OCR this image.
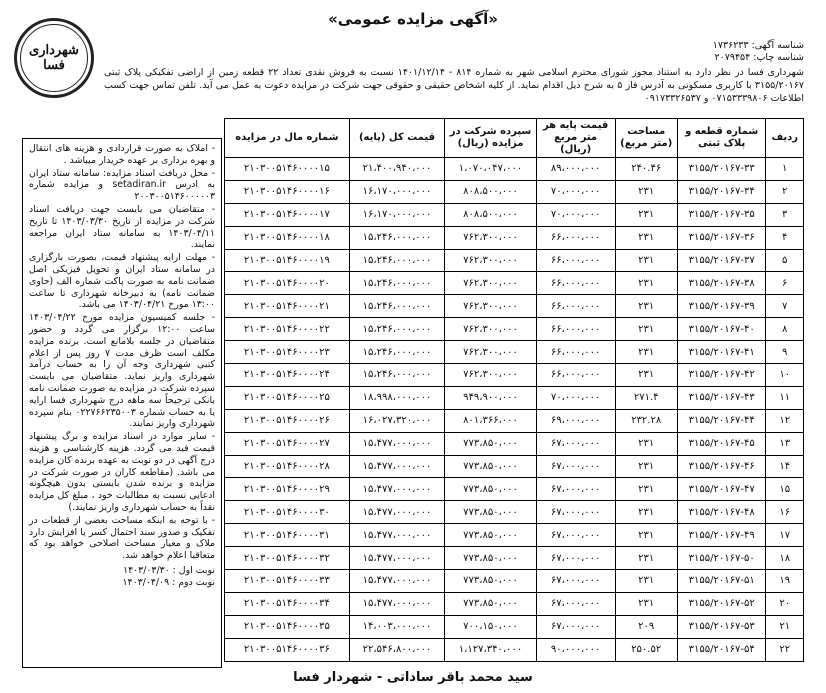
«آگهی مزایده عمومی»
شهرداری فسا
شناسه آگهی: ۱۷۳۶۲۳۳
شناسه چاپ: ۲۰۷۹۴۵۴
شهرداری فسا در نظر دارد به استناد مجوز شورای محترم اسلامی شهر به شماره ۸۱۴ - ۱۴۰۱/۱۲/۱۴ نسبت به فروش نقدی تعداد ۲۲ قطعه زمین از اراضی تفکیکی پلاک ثبتی ۳۱۵۵/۲۰۱۶۷ با کاربری مسکونی به آدرس فاز ۵ به شرح ذیل اقدام نماید. از کلیه اشخاص حقیقی و حقوقی جهت شرکت در مزایده دعوت به عمل می آید. تلفن تماس جهت کسب اطلاعات ۰۷۱۵۳۳۳۹۸۰۶ و ۰۹۱۷۳۳۲۶۵۳۷

- املاک به صورت قراردادی و هزینه های انتقال و بهره برداری بر عهده خریدار میباشد .

- محل دریافت اسناد مزایده: سامانه ستاد ایران به ادرس setadiran.ir و مزایده شماره ۲۰۰۳۰۰۵۱۴۶۰۰۰۰۰۳

- متقاضیان می بایست جهت دریافت اسناد شرکت در مزایده از تاریخ ۱۴۰۳/۰۳/۳۰ تا تاریخ ۱۴۰۳/۰۴/۱۱ به سامانه ستاد ایران مراجعه نمایند.

- مهلت ارایه پیشنهاد قیمت، بصورت بارگزاری در سامانه ستاد ایران و تحویل فیزیکی اصل ضمانت نامه به صورت پاکت شماره الف (حاوی ضمانت نامه) به دبیرخانه شهرداری تا ساعت ۱۳:۰۰ مورخ ۱۴۰۳/۰۴/۲۱ می باشد.

- جلسه کمیسیون مزایده مورخ ۱۴۰۳/۰۴/۲۲ ساعت ۱۲:۰۰ برگزار می گردد و حضور متقاضیان در جلسه بلامانع است. برنده مزایده مکلف است ظرف مدت ۷ روز پس از اعلام کتبی شهرداری وجه آن را به حساب درآمد شهرداری واریز نماید. متقاضیان می بایست سپرده شرکت در مزایده به صورت ضمانت نامه بانکی ترجیحاً سه ماهه درج شهرداری فسا ارایه یا به حساب شماره ۰۲۲۷۶۶۲۳۵۰۰۳ بنام سپرده شهرداری واریز نمایند.

- سایر موارد در اسناد مزایده و برگ پیشنهاد قیمت قید می گردد. هزینه کارشناسی و هزینه درج آگهی در دو نوبت به عهده برنده کان مزایده می باشد. (مقاطعه کاران در صورت شرکت در مزایده و برنده شدن بایستی بدون هیچگونه ادعایی نسبت به مطالبات خود ، مبلغ کل مزایده نقداً به حساب شهرداری واریز نمایند.)

- با توجه به اینکه مساحت بعضی از قطعات در تفکیک و صدور سند احتمال کسر یا افزایش دارد ملاک و معیار مساحت اصلاحی خواهد بود که متعاقبا اعلام خواهد شد.

نوبت اول : ۱۴۰۳/۰۳/۳۰
نوبت دوم : ۱۴۰۳/۰۴/۰۹
ردیف	شماره قطعه و پلاک ثبتی	مساحت (متر مربع)	قیمت پایه هر متر مربع (ریال)	سپرده شرکت در مزایده (ریال)	قیمت کل (پایه)	شماره مال در مزایده
۱	۳۱۵۵/۲۰۱۶۷-۳۳	۲۴۰.۴۶	۸۹،۰۰۰،۰۰۰	۱،۰۷۰،۰۴۷،۰۰۰	۲۱،۴۰۰،۹۴۰،۰۰۰	۲۱۰۳۰۰۵۱۴۶۰۰۰۰۱۵
۲	۳۱۵۵/۲۰۱۶۷-۳۴	۲۳۱	۷۰،۰۰۰،۰۰۰	۸۰۸،۵۰۰،۰۰۰	۱۶،۱۷۰،۰۰۰،۰۰۰	۲۱۰۳۰۰۵۱۴۶۰۰۰۰۱۶
۳	۳۱۵۵/۲۰۱۶۷-۳۵	۲۳۱	۷۰،۰۰۰،۰۰۰	۸۰۸،۵۰۰،۰۰۰	۱۶،۱۷۰،۰۰۰،۰۰۰	۲۱۰۳۰۰۵۱۴۶۰۰۰۰۱۷
۴	۳۱۵۵/۲۰۱۶۷-۳۶	۲۳۱	۶۶،۰۰۰،۰۰۰	۷۶۲،۳۰۰،۰۰۰	۱۵،۲۴۶،۰۰۰،۰۰۰	۲۱۰۳۰۰۵۱۴۶۰۰۰۰۱۸
۵	۳۱۵۵/۲۰۱۶۷-۳۷	۲۳۱	۶۶،۰۰۰،۰۰۰	۷۶۲،۳۰۰،۰۰۰	۱۵،۲۴۶،۰۰۰،۰۰۰	۲۱۰۳۰۰۵۱۴۶۰۰۰۰۱۹
۶	۳۱۵۵/۲۰۱۶۷-۳۸	۲۳۱	۶۶،۰۰۰،۰۰۰	۷۶۲،۳۰۰،۰۰۰	۱۵،۲۴۶،۰۰۰،۰۰۰	۲۱۰۳۰۰۵۱۴۶۰۰۰۰۲۰
۷	۳۱۵۵/۲۰۱۶۷-۳۹	۲۳۱	۶۶،۰۰۰،۰۰۰	۷۶۲،۳۰۰،۰۰۰	۱۵،۲۴۶،۰۰۰،۰۰۰	۲۱۰۳۰۰۵۱۴۶۰۰۰۰۲۱
۸	۳۱۵۵/۲۰۱۶۷-۴۰	۲۳۱	۶۶،۰۰۰،۰۰۰	۷۶۲،۳۰۰،۰۰۰	۱۵،۲۴۶،۰۰۰،۰۰۰	۲۱۰۳۰۰۵۱۴۶۰۰۰۰۲۲
۹	۳۱۵۵/۲۰۱۶۷-۴۱	۲۳۱	۶۶،۰۰۰،۰۰۰	۷۶۲،۳۰۰،۰۰۰	۱۵،۲۴۶،۰۰۰،۰۰۰	۲۱۰۳۰۰۵۱۴۶۰۰۰۰۲۳
۱۰	۳۱۵۵/۲۰۱۶۷-۴۲	۲۳۱	۶۶،۰۰۰،۰۰۰	۷۶۲،۳۰۰،۰۰۰	۱۵،۲۴۶،۰۰۰،۰۰۰	۲۱۰۳۰۰۵۱۴۶۰۰۰۰۲۴
۱۱	۳۱۵۵/۲۰۱۶۷-۴۳	۲۷۱.۴	۷۰،۰۰۰،۰۰۰	۹۴۹،۹۰۰،۰۰۰	۱۸،۹۹۸،۰۰۰،۰۰۰	۲۱۰۳۰۰۵۱۴۶۰۰۰۰۲۵
۱۲	۳۱۵۵/۲۰۱۶۷-۴۴	۲۳۲.۲۸	۶۹،۰۰۰،۰۰۰	۸۰۱،۳۶۶،۰۰۰	۱۶،۰۲۷،۳۲۰،۰۰۰	۲۱۰۳۰۰۵۱۴۶۰۰۰۰۲۶
۱۳	۳۱۵۵/۲۰۱۶۷-۴۵	۲۳۱	۶۷،۰۰۰،۰۰۰	۷۷۳،۸۵۰،۰۰۰	۱۵،۴۷۷،۰۰۰،۰۰۰	۲۱۰۳۰۰۵۱۴۶۰۰۰۰۲۷
۱۴	۳۱۵۵/۲۰۱۶۷-۴۶	۲۳۱	۶۷،۰۰۰،۰۰۰	۷۷۳،۸۵۰،۰۰۰	۱۵،۴۷۷،۰۰۰،۰۰۰	۲۱۰۳۰۰۵۱۴۶۰۰۰۰۲۸
۱۵	۳۱۵۵/۲۰۱۶۷-۴۷	۲۳۱	۶۷،۰۰۰،۰۰۰	۷۷۳،۸۵۰،۰۰۰	۱۵،۴۷۷،۰۰۰،۰۰۰	۲۱۰۳۰۰۵۱۴۶۰۰۰۰۲۹
۱۶	۳۱۵۵/۲۰۱۶۷-۴۸	۲۳۱	۶۷،۰۰۰،۰۰۰	۷۷۳،۸۵۰،۰۰۰	۱۵،۴۷۷،۰۰۰،۰۰۰	۲۱۰۳۰۰۵۱۴۶۰۰۰۰۳۰
۱۷	۳۱۵۵/۲۰۱۶۷-۴۹	۲۳۱	۶۷،۰۰۰،۰۰۰	۷۷۳،۸۵۰،۰۰۰	۱۵،۴۷۷،۰۰۰،۰۰۰	۲۱۰۳۰۰۵۱۴۶۰۰۰۰۳۱
۱۸	۳۱۵۵/۲۰۱۶۷-۵۰	۲۳۱	۶۷،۰۰۰،۰۰۰	۷۷۳،۸۵۰،۰۰۰	۱۵،۴۷۷،۰۰۰،۰۰۰	۲۱۰۳۰۰۵۱۴۶۰۰۰۰۳۲
۱۹	۳۱۵۵/۲۰۱۶۷-۵۱	۲۳۱	۶۷،۰۰۰،۰۰۰	۷۷۳،۸۵۰،۰۰۰	۱۵،۴۷۷،۰۰۰،۰۰۰	۲۱۰۳۰۰۵۱۴۶۰۰۰۰۳۳
۲۰	۳۱۵۵/۲۰۱۶۷-۵۲	۲۳۱	۶۷،۰۰۰،۰۰۰	۷۷۳،۸۵۰،۰۰۰	۱۵،۴۷۷،۰۰۰،۰۰۰	۲۱۰۳۰۰۵۱۴۶۰۰۰۰۳۴
۲۱	۳۱۵۵/۲۰۱۶۷-۵۳	۲۰۹	۶۷،۰۰۰،۰۰۰	۷۰۰،۱۵۰،۰۰۰	۱۴،۰۰۳،۰۰۰،۰۰۰	۲۱۰۳۰۰۵۱۴۶۰۰۰۰۳۵
۲۲	۳۱۵۵/۲۰۱۶۷-۵۴	۲۵۰.۵۲	۹۰،۰۰۰،۰۰۰	۱،۱۲۷،۳۴۰،۰۰۰	۲۲،۵۴۶،۸۰۰،۰۰۰	۲۱۰۳۰۰۵۱۴۶۰۰۰۰۳۶
سید محمد باقر ساداتی - شهردار فسا
